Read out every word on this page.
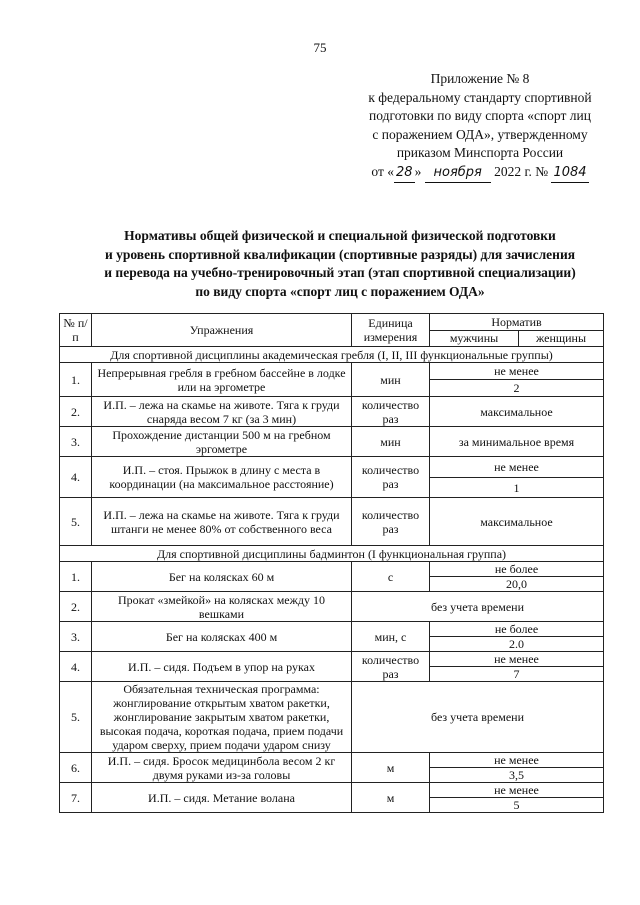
75
Приложение № 8
к федеральному стандарту спортивной
подготовки по виду спорта «спорт лиц
с поражением ОДА», утвержденному
приказом Минспорта России
от « 28 » ноября 2022 г. № 1084
Нормативы общей физической и специальной физической подготовки
и уровень спортивной квалификации (спортивные разряды) для зачисления
и перевода на учебно-тренировочный этап (этап спортивной специализации)
по виду спорта «спорт лиц с поражением ОДА»
№ п/п	Упражнения	Единица измерения	Норматив	
			мужчины	женщины
Для спортивной дисциплины академическая гребля (I, II, III функциональные группы)				
1.	Непрерывная гребля в гребном бассейне в лодке или на эргометре	мин	не менее	
			2	
2.	И.П. – лежа на скамье на животе. Тяга к груди снаряда весом 7 кг (за 3 мин)	количество раз	максимальное	
3.	Прохождение дистанции 500 м на гребном эргометре	мин	за минимальное время	
4.	И.П. – стоя. Прыжок в длину с места в координации (на максимальное расстояние)	количество раз	не менее	
			1	
5.	И.П. – лежа на скамье на животе. Тяга к груди штанги не менее 80% от собственного веса	количество раз	максимальное	
Для спортивной дисциплины бадминтон (I функциональная группа)				
1.	Бег на колясках 60 м	с	не более	
			20,0	
2.	Прокат «змейкой» на колясках между 10 вешками	без учета времени		
3.	Бег на колясках 400 м	мин, с	не более	
			2.0	
4.	И.П. – сидя. Подъем в упор на руках	количество раз	не менее	
			7	
5.	Обязательная техническая программа: жонглирование открытым хватом ракетки, жонглирование закрытым хватом ракетки, высокая подача, короткая подача, прием подачи ударом сверху, прием подачи ударом снизу	без учета времени		
6.	И.П. – сидя. Бросок медицинбола весом 2 кг двумя руками из-за головы	м	не менее	
			3,5	
7.	И.П. – сидя. Метание волана	м	не менее	
			5	
